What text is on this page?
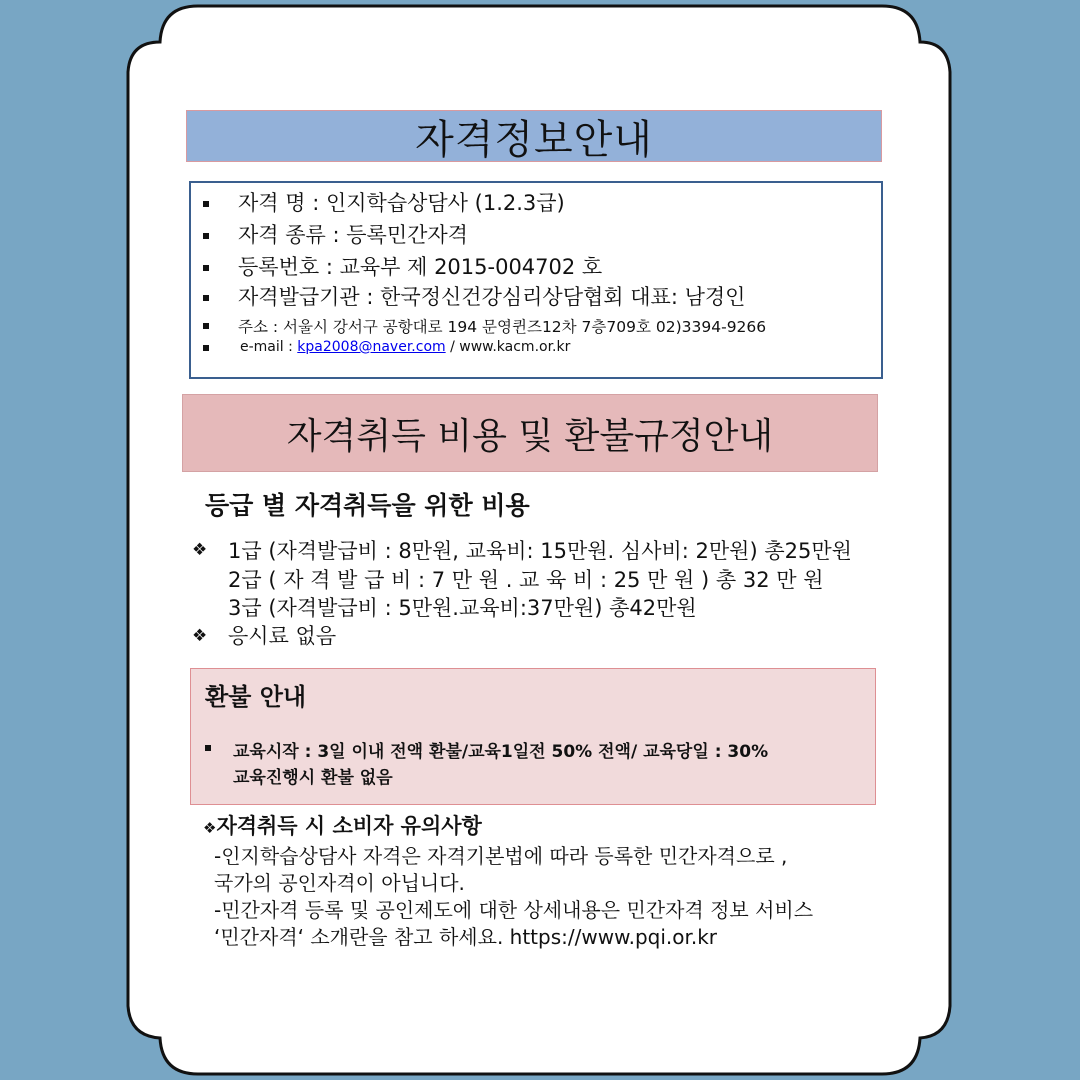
자격정보안내
자격 명 : 인지학습상담사 (1.2.3급)
자격 종류 : 등록민간자격
등록번호 : 교육부 제 2015-004702 호
자격발급기관 : 한국정신건강심리상담협회 대표: 남경인
주소 : 서울시 강서구 공항대로 194 문영퀸즈12차 7층709호 02)3394-9266
e-mail : kpa2008@naver.com / www.kacm.or.kr
자격취득 비용 및 환불규정안내
등급 별 자격취득을 위한 비용
❖ 1급 (자격발급비 : 8만원, 교육비: 15만원. 심사비: 2만원) 총25만원
2급 ( 자 격 발 급 비 : 7 만 원 . 교 육 비 : 25 만 원 ) 총 32 만 원
3급 (자격발급비 : 5만원.교육비:37만원) 총42만원
❖ 응시료 없음
환불 안내
교육시작 : 3일 이내 전액 환불/교육1일전 50% 전액/ 교육당일 : 30%
교육진행시 환불 없음
❖자격취득 시 소비자 유의사항
-인지학습상담사 자격은 자격기본법에 따라 등록한 민간자격으로 ,
국가의 공인자격이 아닙니다.
-민간자격 등록 및 공인제도에 대한 상세내용은 민간자격 정보 서비스
‘민간자격‘ 소개란을 참고 하세요. https://www.pqi.or.kr
